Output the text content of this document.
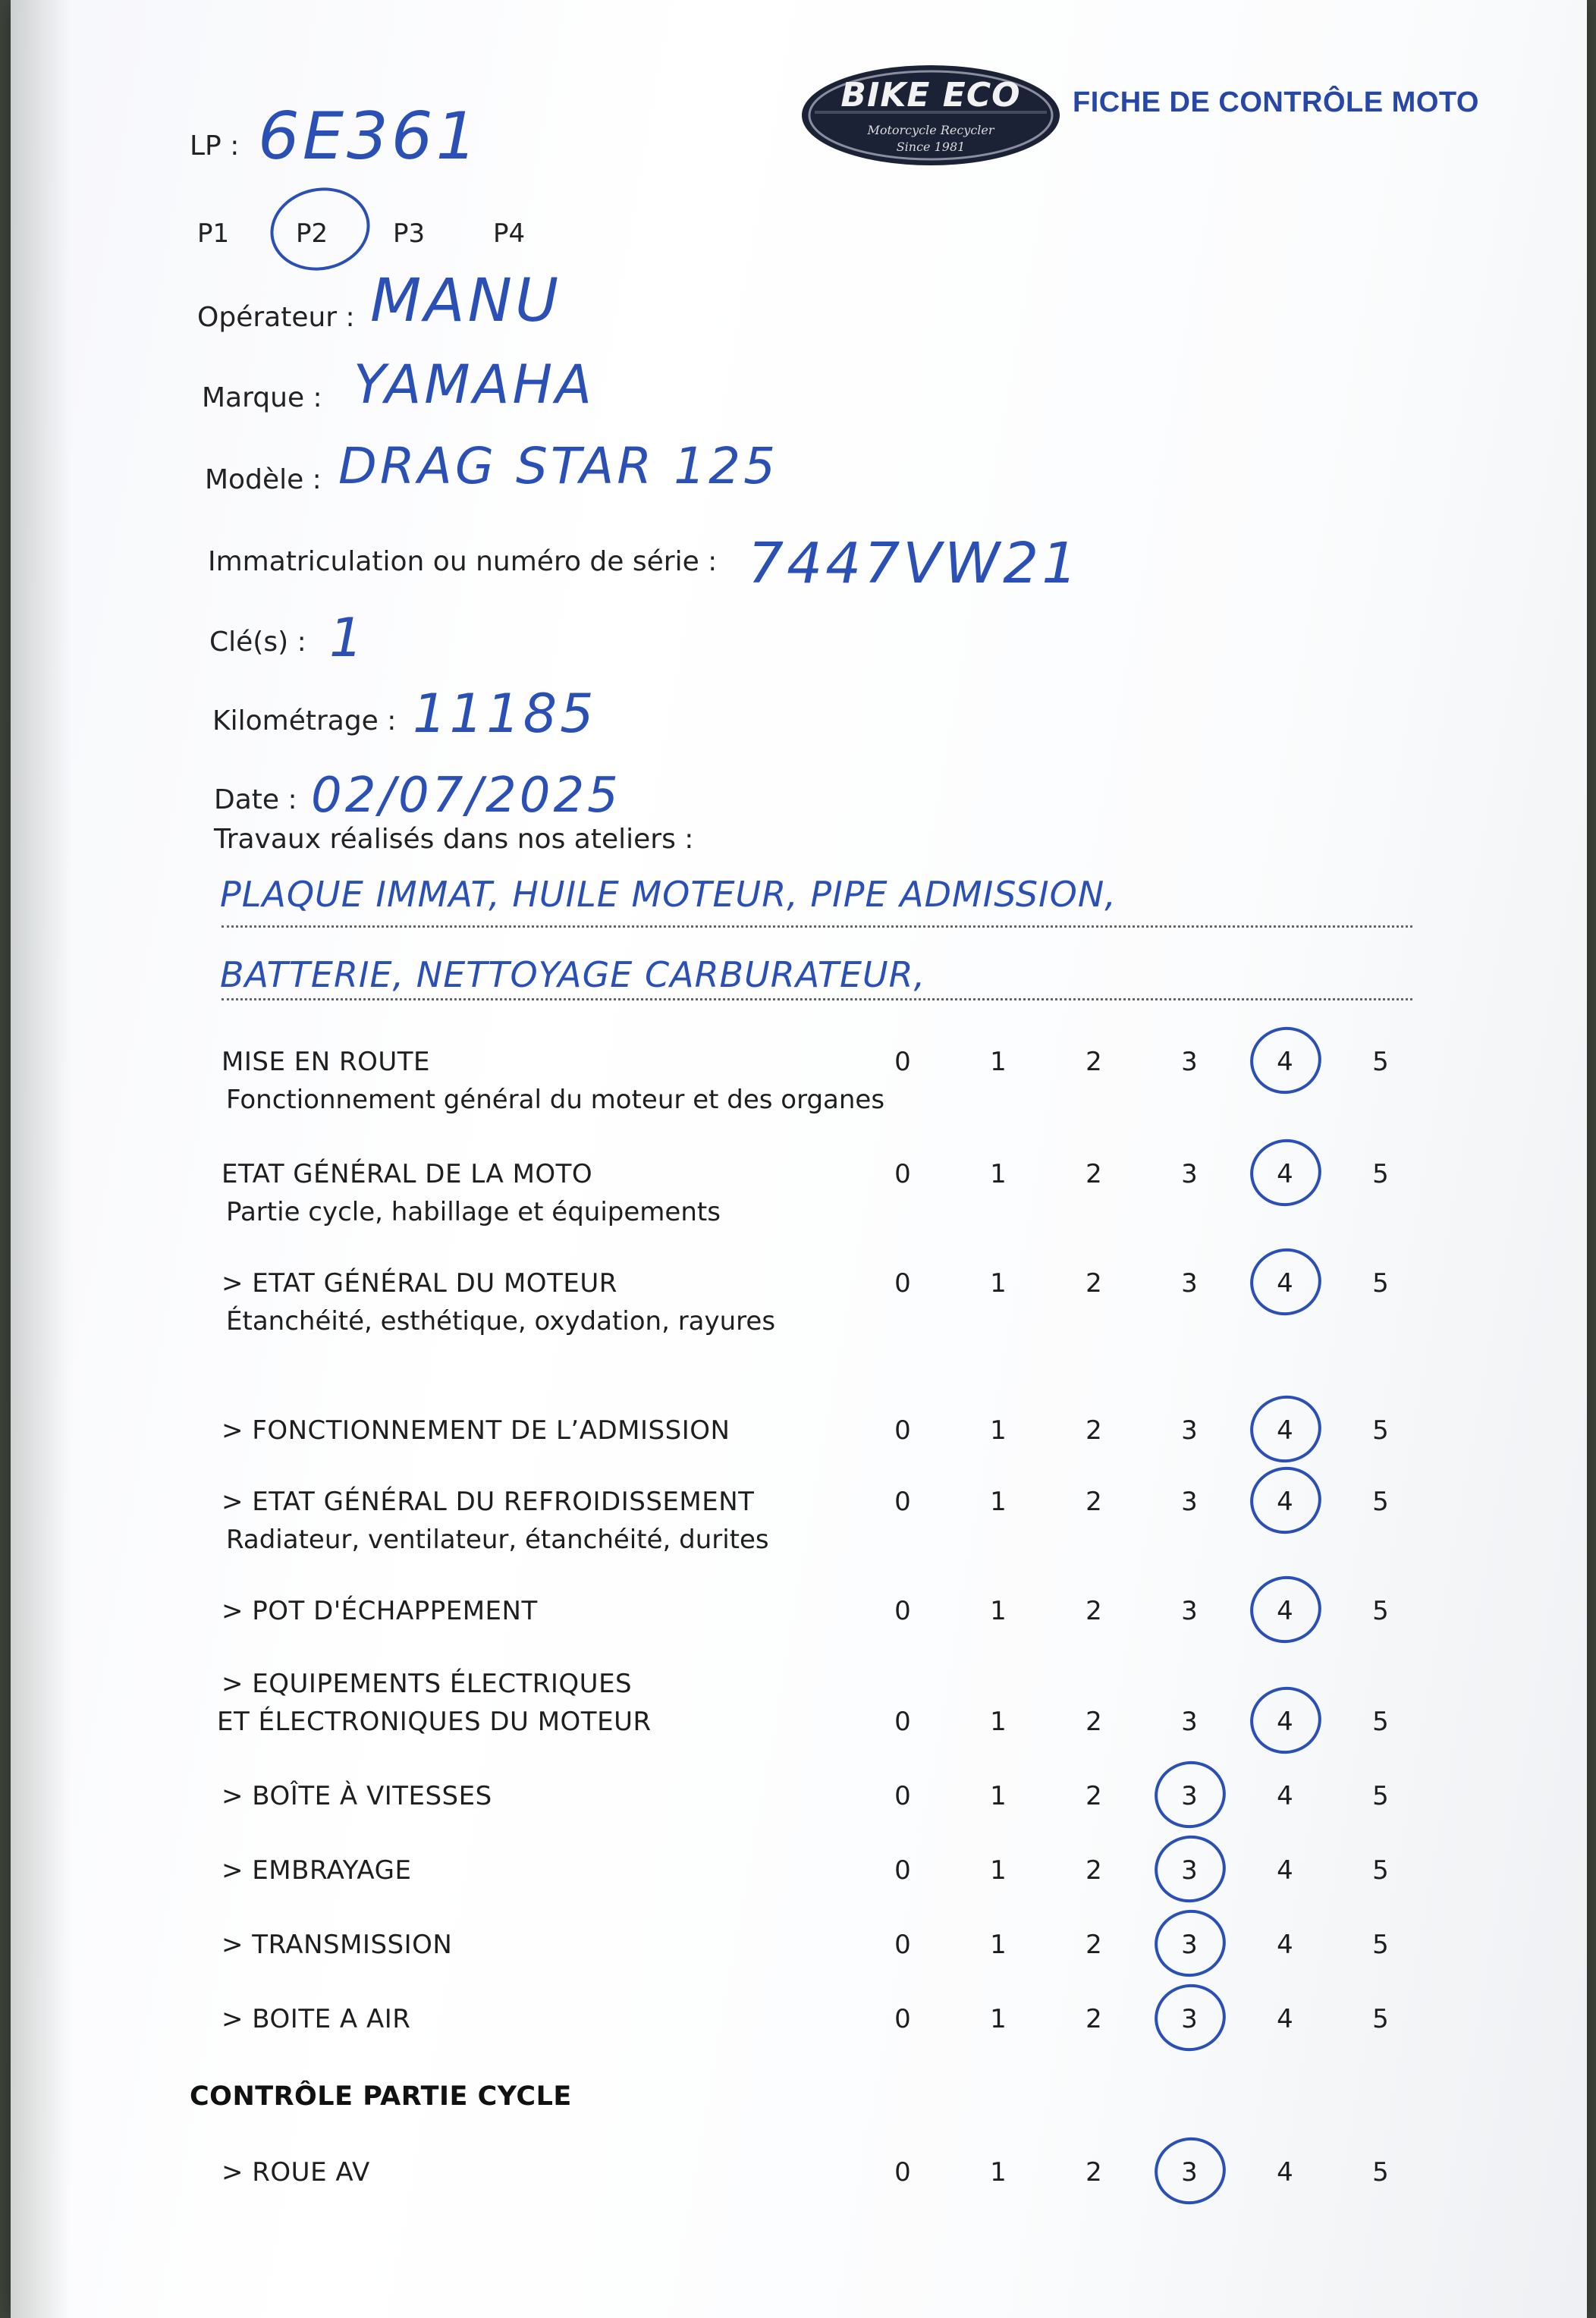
BIKE ECO
Motorcycle Recycler
Since 1981
FICHE DE CONTRÔLE MOTO
LP : 6E361
P1	P2	P3	P4
Opérateur : MANU
Marque : YAMAHA
Modèle : DRAG STAR 125
Immatriculation ou numéro de série : 7447VW21
Clé(s) : 1
Kilométrage : 11185
Date : 02/07/2025
Travaux réalisés dans nos ateliers :
PLAQUE IMMAT, HUILE MOTEUR, PIPE ADMISSION,
BATTERIE, NETTOYAGE CARBURATEUR,
MISE EN ROUTE
Fonctionnement général du moteur et des organes
0	1	2	3	4	5
ETAT GÉNÉRAL DE LA MOTO
Partie cycle, habillage et équipements
0	1	2	3	4	5
> ETAT GÉNÉRAL DU MOTEUR
Étanchéité, esthétique, oxydation, rayures
0	1	2	3	4	5
> FONCTIONNEMENT DE L’ADMISSION	0	1	2	3	4	5
> ETAT GÉNÉRAL DU REFROIDISSEMENT
Radiateur, ventilateur, étanchéité, durites
0	1	2	3	4	5
> POT D'ÉCHAPPEMENT	0	1	2	3	4	5
> EQUIPEMENTS ÉLECTRIQUES
ET ÉLECTRONIQUES DU MOTEUR	0	1	2	3	4	5
> BOÎTE À VITESSES	0	1	2	3	4	5
> EMBRAYAGE	0	1	2	3	4	5
> TRANSMISSION	0	1	2	3	4	5
> BOITE A AIR	0	1	2	3	4	5
CONTRÔLE PARTIE CYCLE
> ROUE AV	0	1	2	3	4	5
